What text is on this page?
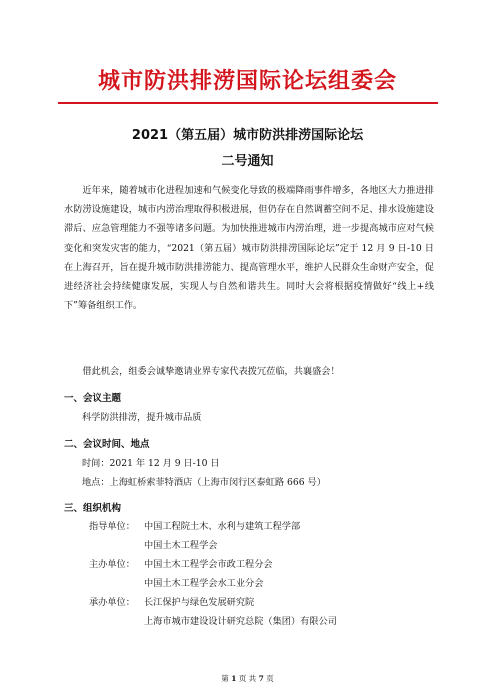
城市防洪排涝国际论坛组委会
2021（第五届）城市防洪排涝国际论坛
二号通知

近年来，随着城市化进程加速和气候变化导致的极端降雨事件增多，各地区大力推进排水防涝设施建设，城市内涝治理取得积极进展，但仍存在自然调蓄空间不足、排水设施建设滞后、应急管理能力不强等诸多问题。为加快推进城市内涝治理，进一步提高城市应对气候变化和突发灾害的能力，“2021（第五届）城市防洪排涝国际论坛”定于 12 月 9 日-10 日在上海召开，旨在提升城市防洪排涝能力、提高管理水平，维护人民群众生命财产安全，促进经济社会持续健康发展，实现人与自然和谐共生。同时大会将根据疫情做好“线上+线下”筹备组织工作。

借此机会，组委会诚挚邀请业界专家代表拨冗莅临，共襄盛会！

一、会议主题
科学防洪排涝，提升城市品质
二、会议时间、地点
时间：2021 年 12 月 9 日-10 日
地点：上海虹桥索菲特酒店（上海市闵行区泰虹路 666 号）
三、组织机构
指导单位： 中国工程院土木、水利与建筑工程学部
中国土木工程学会
主办单位： 中国土木工程学会市政工程分会
中国土木工程学会水工业分会
承办单位： 长江保护与绿色发展研究院
上海市城市建设设计研究总院（集团）有限公司
第 1 页 共 7 页
